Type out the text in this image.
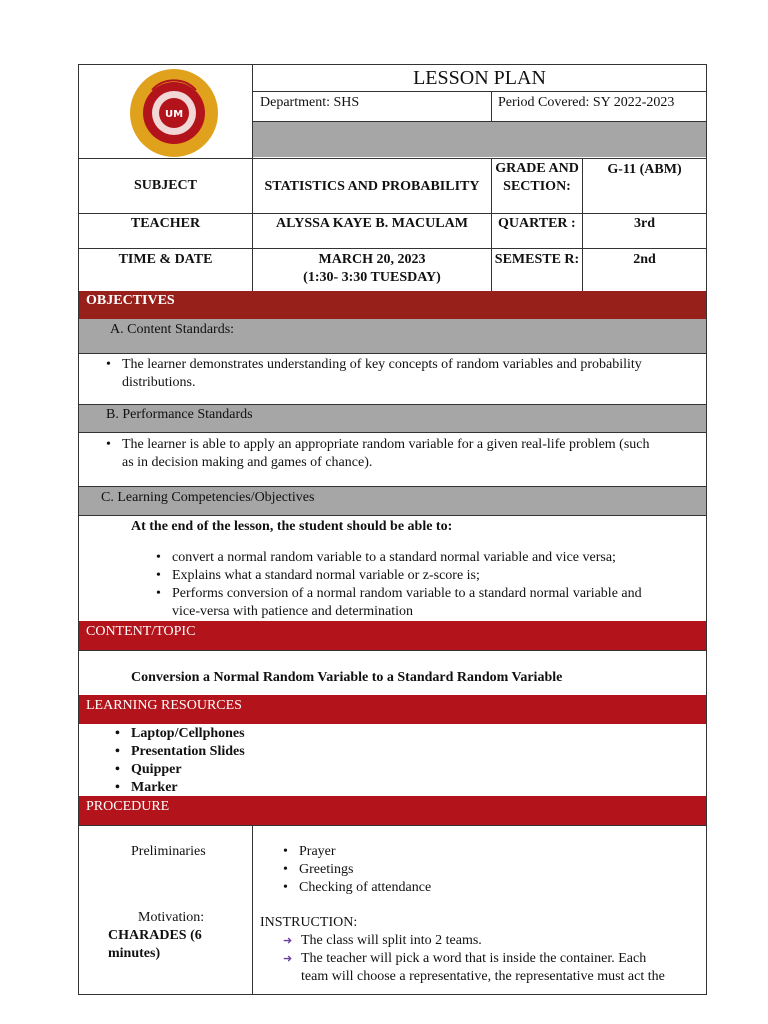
UM
LESSON PLAN
Department: SHS	Period Covered: SY 2022-2023
SUBJECT	STATISTICS AND PROBABILITY
GRADE AND SECTION:
G-11 (ABM)
TEACHER	ALYSSA KAYE B. MACULAM	QUARTER :	3rd
TIME & DATE	MARCH 20, 2023
(1:30- 3:30 TUESDAY)
SEMESTE R:	2nd
OBJECTIVES
A. Content Standards:
• The learner demonstrates understanding of key concepts of random variables and probability
distributions.
B. Performance Standards
• The learner is able to apply an appropriate random variable for a given real-life problem (such
as in decision making and games of chance).
C. Learning Competencies/Objectives
At the end of the lesson, the student should be able to:
• convert a normal random variable to a standard normal variable and vice versa;
• Explains what a standard normal variable or z-score is;
• Performs conversion of a normal random variable to a standard normal variable and
vice-versa with patience and determination
CONTENT/TOPIC
Conversion a Normal Random Variable to a Standard Random Variable
LEARNING RESOURCES
• Laptop/Cellphones
• Presentation Slides
• Quipper
• Marker
PROCEDURE
Preliminaries
•	Prayer
• Greetings
• Checking of attendance
Motivation:
CHARADES (6
minutes)
INSTRUCTION:
➜ The class will split into 2 teams.
➜ The teacher will pick a word that is inside the container. Each
team will choose a representative, the representative must act the
